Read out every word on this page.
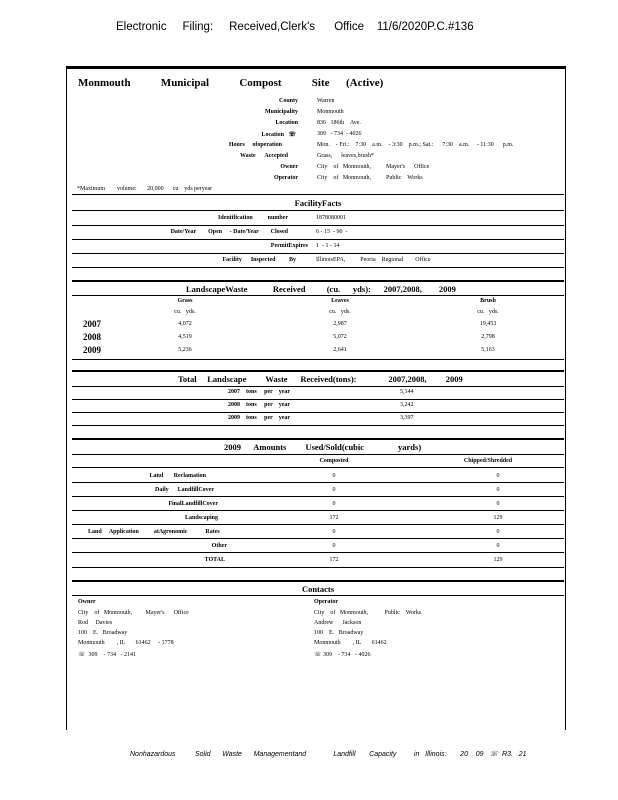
Electronic     Filing:     Received,Clerk's      Office    11/6/2020P.C.#136
Monmouth           Municipal           Compost           Site      (Active)
County	Warren
Municipality	Monmouth
Location	836   186th    Ave.
Location   ☏	309   - 734  - 4026
Hours     ofoperation	Mon.    - Fri.:    7:30    a.m.    - 3:30    p.m.; Sat.:      7:30    a.m.     - 11:30      p.m.
Waste      Accepted	Grass,      leaves,brush*
Owner	City    of   Monmouth,          Mayer's      Office
Operator	City    of   Monmouth,          Public    Works
*Maximum        volume:       20,000      cu    yds peryear
FacilityFacts
Identification          number	1878080001
Date/Year        Open     - Date/Year        Closed	6 - 15  - 90  -
PermitExpires 1  - 1 - 14
Facility      Inspected         By	IllinoisEPA,          Peoria    Regional        Office
LandscapeWaste            Received          (cu.      yds):      2007,2008,        2009
Grass	Leaves	Brush
cu.   yds.	cu.   yds.	cu.   yds.
2007	4,072	2,987	19,453
2008	4,519	5,072	2,798
2009	5,236	2,641	5,163
Total     Landscape         Waste      Received(tons):               2007,2008,         2009
2007    tons     per    year	5,144
2008    tons     per    year	3,242
2009    tons     per    year	3,397
2009      Amounts         Used/Sold(cubic                yards)
Composted	Chipped/Shredded
Land       Reclamation	0	0
Daily      LandfillCover	0	0
FinalLandfillCover	0	0
Landscaping	172	129
Land     Application          atAgronomic            Rates	0	0
Other	0	0
TOTAL	172	129
Contacts
Owner
City    of   Monmouth,         Mayer's      Office
Rod     Davies
100    E.   Broadway
Monmouth        , IL       61462     - 1778
☏  309    - 734   - 2141
Operator
City    of   Monmouth,           Public    Works
Andrew      Jackson
100    E.   Broadway
Monmouth        , IL       61462
☏ 309    - 734   - 4026
Nonhazardous          Solid      Waste      Managementand              Landfill       Capacity         in   Illinois:       20    09   ☏  R3.   21
